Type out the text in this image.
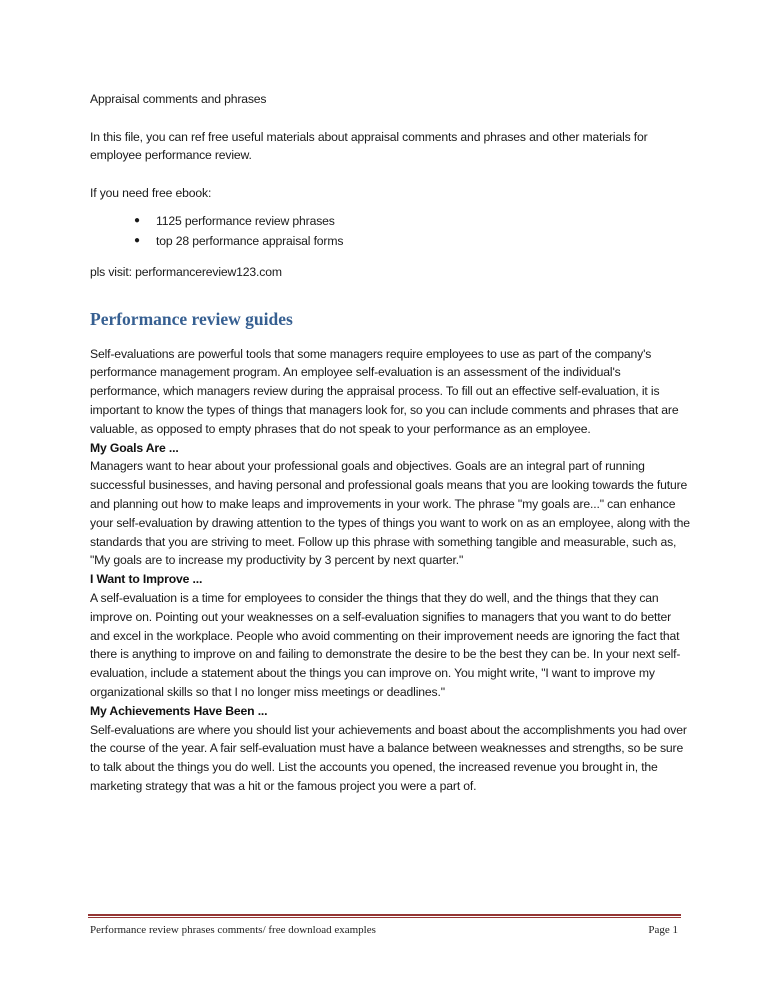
Appraisal comments and phrases

In this file, you can ref free useful materials about appraisal comments and phrases and other materials for employee performance review.

If you need free ebook:

● 1125 performance review phrases
● top 28 performance appraisal forms

pls visit: performancereview123.com

Performance review guides

Self-evaluations are powerful tools that some managers require employees to use as part of the company's performance management program. An employee self-evaluation is an assessment of the individual's performance, which managers review during the appraisal process. To fill out an effective self-evaluation, it is important to know the types of things that managers look for, so you can include comments and phrases that are valuable, as opposed to empty phrases that do not speak to your performance as an employee.

My Goals Are ...

Managers want to hear about your professional goals and objectives. Goals are an integral part of running successful businesses, and having personal and professional goals means that you are looking towards the future and planning out how to make leaps and improvements in your work. The phrase "my goals are..." can enhance your self-evaluation by drawing attention to the types of things you want to work on as an employee, along with the standards that you are striving to meet. Follow up this phrase with something tangible and measurable, such as, "My goals are to increase my productivity by 3 percent by next quarter."

I Want to Improve ...

A self-evaluation is a time for employees to consider the things that they do well, and the things that they can improve on. Pointing out your weaknesses on a self-evaluation signifies to managers that you want to do better and excel in the workplace. People who avoid commenting on their improvement needs are ignoring the fact that there is anything to improve on and failing to demonstrate the desire to be the best they can be. In your next self-evaluation, include a statement about the things you can improve on. You might write, "I want to improve my organizational skills so that I no longer miss meetings or deadlines."

My Achievements Have Been ...

Self-evaluations are where you should list your achievements and boast about the accomplishments you had over the course of the year. A fair self-evaluation must have a balance between weaknesses and strengths, so be sure to talk about the things you do well. List the accounts you opened, the increased revenue you brought in, the marketing strategy that was a hit or the famous project you were a part of.

Performance review phrases comments/ free download examples	Page 1
